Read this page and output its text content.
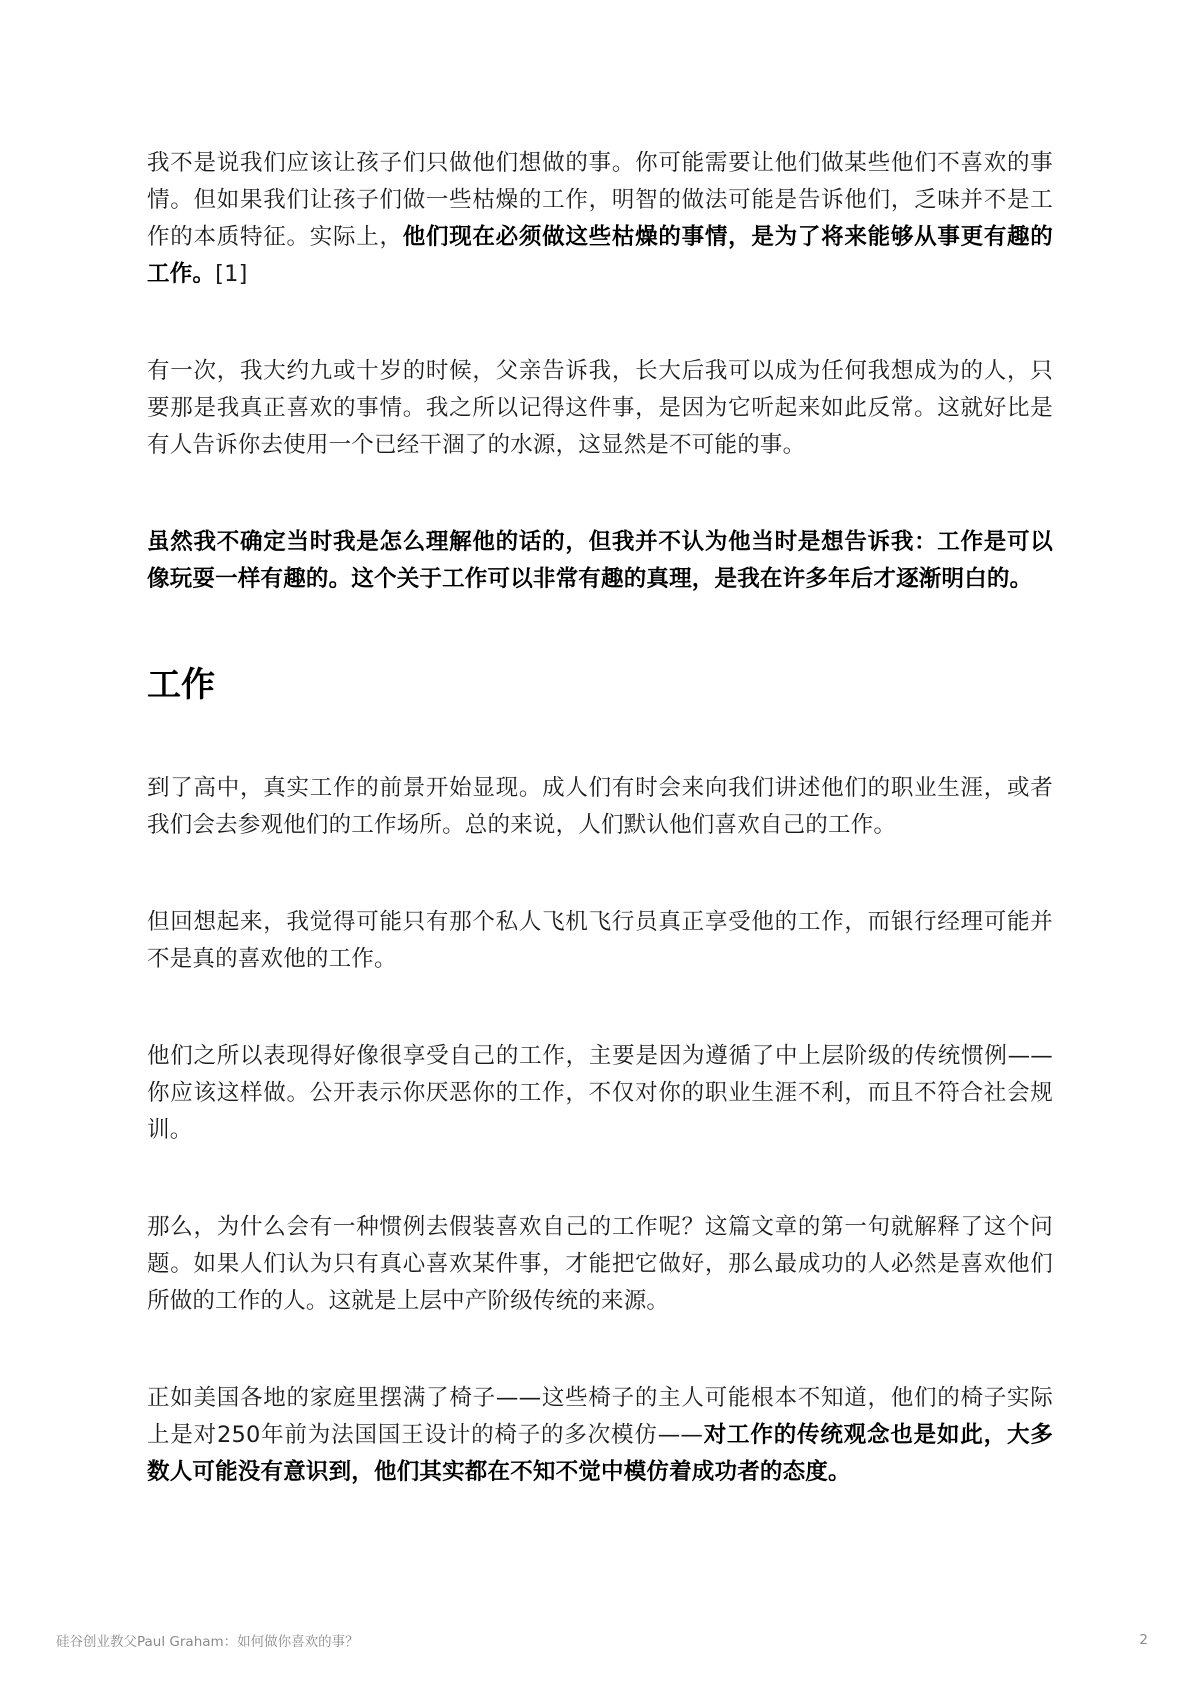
我不是说我们应该让孩子们只做他们想做的事。你可能需要让他们做某些他们不喜欢的事情。但如果我们让孩子们做一些枯燥的工作，明智的做法可能是告诉他们，乏味并不是工作的本质特征。实际上，他们现在必须做这些枯燥的事情，是为了将来能够从事更有趣的工作。[1]

有一次，我大约九或十岁的时候，父亲告诉我，长大后我可以成为任何我想成为的人，只要那是我真正喜欢的事情。我之所以记得这件事，是因为它听起来如此反常。这就好比是有人告诉你去使用一个已经干涸了的水源，这显然是不可能的事。

虽然我不确定当时我是怎么理解他的话的，但我并不认为他当时是想告诉我：工作是可以像玩耍一样有趣的。这个关于工作可以非常有趣的真理，是我在许多年后才逐渐明白的。

工作

到了高中，真实工作的前景开始显现。成人们有时会来向我们讲述他们的职业生涯，或者我们会去参观他们的工作场所。总的来说，人们默认他们喜欢自己的工作。

但回想起来，我觉得可能只有那个私人飞机飞行员真正享受他的工作，而银行经理可能并不是真的喜欢他的工作。

他们之所以表现得好像很享受自己的工作，主要是因为遵循了中上层阶级的传统惯例——你应该这样做。公开表示你厌恶你的工作，不仅对你的职业生涯不利，而且不符合社会规训。

那么，为什么会有一种惯例去假装喜欢自己的工作呢？这篇文章的第一句就解释了这个问题。如果人们认为只有真心喜欢某件事，才能把它做好，那么最成功的人必然是喜欢他们所做的工作的人。这就是上层中产阶级传统的来源。

正如美国各地的家庭里摆满了椅子——这些椅子的主人可能根本不知道，他们的椅子实际上是对250年前为法国国王设计的椅子的多次模仿——对工作的传统观念也是如此，大多数人可能没有意识到，他们其实都在不知不觉中模仿着成功者的态度。

硅谷创业教父Paul Graham：如何做你喜欢的事？	2
